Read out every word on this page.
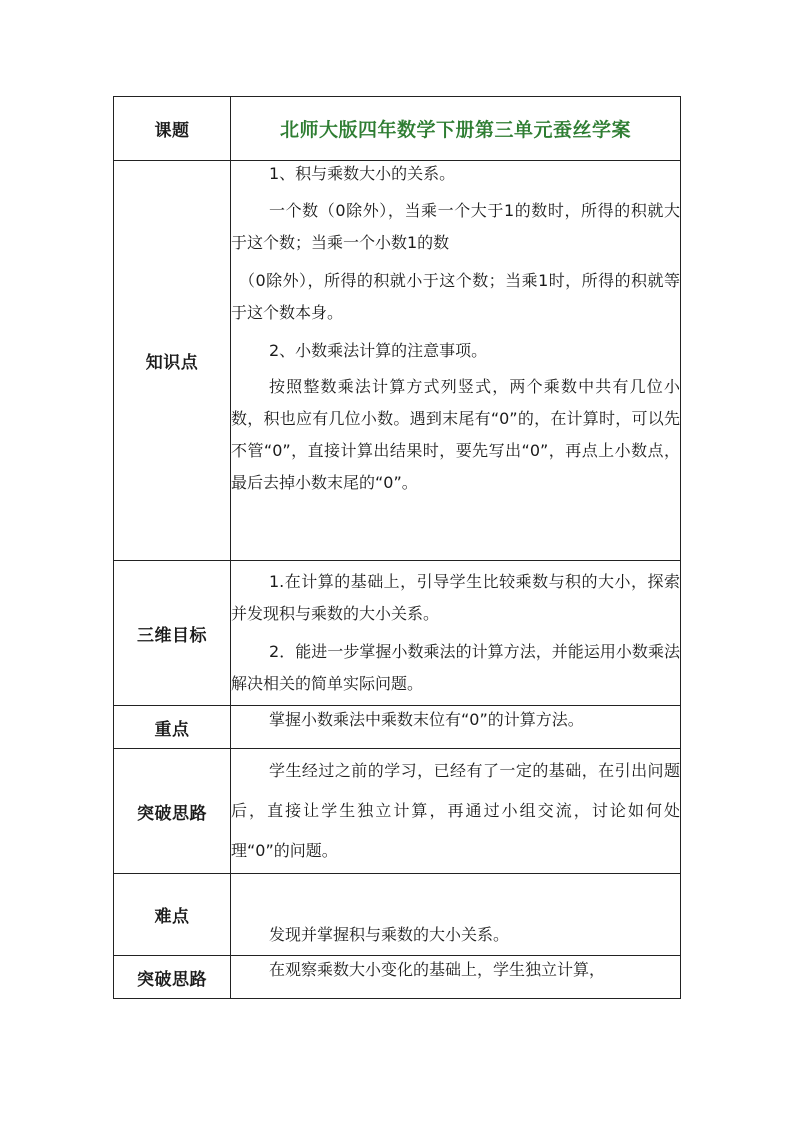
课题	北师大版四年数学下册第三单元蚕丝学案
知识点	1、积与乘数大小的关系。

一个数（0除外），当乘一个大于1的数时，所得的积就大于这个数；当乘一个小数1的数

（0除外），所得的积就小于这个数；当乘1时，所得的积就等于这个数本身。

2、小数乘法计算的注意事项。

按照整数乘法计算方式列竖式，两个乘数中共有几位小数，积也应有几位小数。遇到末尾有“0”的，在计算时，可以先不管“0”，直接计算出结果时，要先写出“0”，再点上小数点，最后去掉小数末尾的“0”。

三维目标	1.在计算的基础上，引导学生比较乘数与积的大小，探索并发现积与乘数的大小关系。

2．能进一步掌握小数乘法的计算方法，并能运用小数乘法解决相关的简单实际问题。

重点	掌握小数乘法中乘数末位有“0”的计算方法。

突破思路	学生经过之前的学习，已经有了一定的基础，在引出问题后，直接让学生独立计算，再通过小组交流，讨论如何处理“0”的问题。

难点	发现并掌握积与乘数的大小关系。

突破思路	在观察乘数大小变化的基础上，学生独立计算，
